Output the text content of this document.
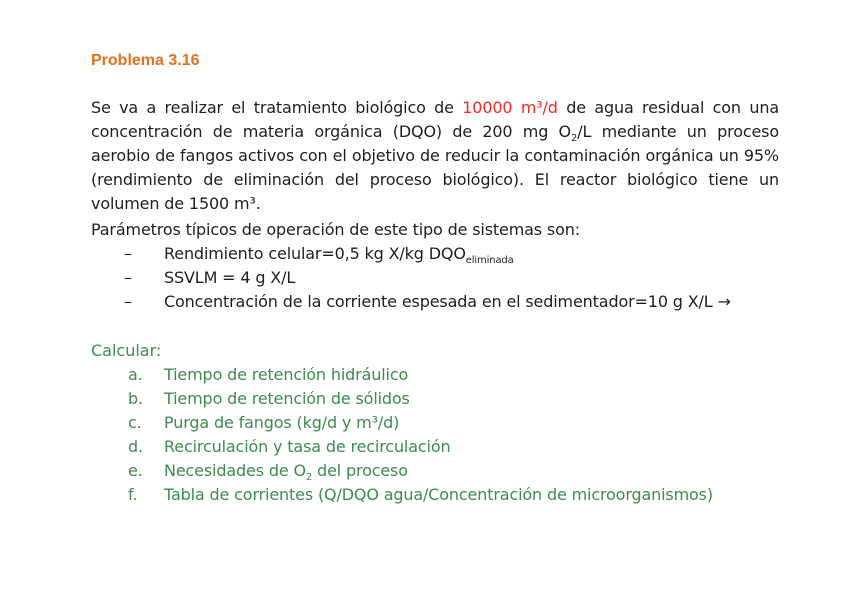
Problema 3.16
Se va a realizar el tratamiento biológico de 10000 m³/d de agua residual con una concentración de materia orgánica (DQO) de 200 mg $O_2/L$ mediante un proceso aerobio de fangos activos con el objetivo de reducir la contaminación orgánica un 95% (rendimiento de eliminación del proceso biológico). El reactor biológico tiene un volumen de 1500 m³.
Parámetros típicos de operación de este tipo de sistemas son:
– Rendimiento celular=0,5 kg X/kg $DQO_{eliminada}$
– SSVLM = 4 g X/L
– Concentración de la corriente espesada en el sedimentador=10 g X/L →
Calcular:
a. Tiempo de retención hidráulico
b. Tiempo de retención de sólidos
c. Purga de fangos (kg/d y m³/d)
d. Recirculación y tasa de recirculación
e. Necesidades de $O_2$ del proceso
f. Tabla de corrientes (Q/DQO agua/Concentración de microorganismos)
